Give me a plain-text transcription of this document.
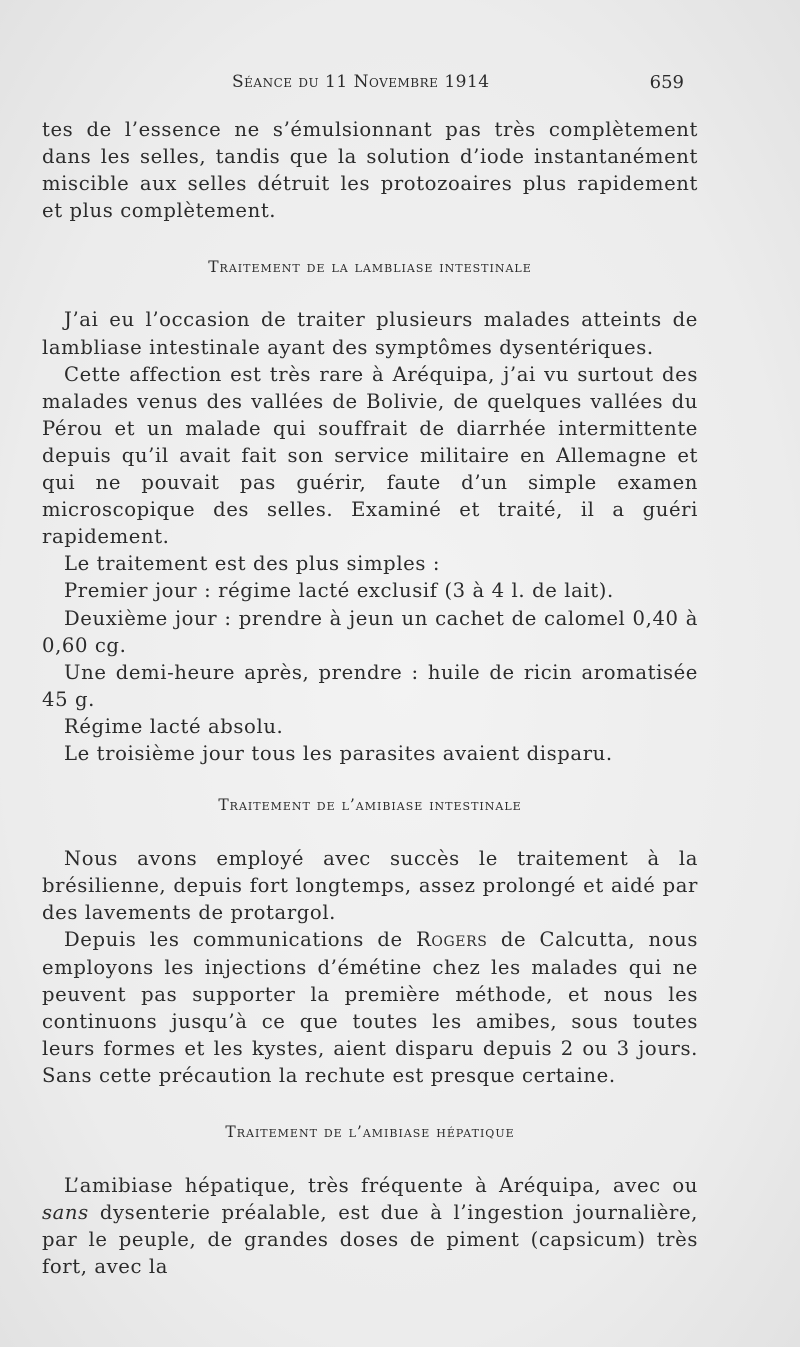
Séance du 11 Novembre 1914	659

tes de l’essence ne s’émulsionnant pas très complètement dans les selles, tandis que la solution d’iode instantanément miscible aux selles détruit les protozoaires plus rapidement et plus complètement.

Traitement de la lambliase intestinale

J’ai eu l’occasion de traiter plusieurs malades atteints de lambliase intestinale ayant des symptômes dysentériques.

Cette affection est très rare à Aréquipa, j’ai vu surtout des malades venus des vallées de Bolivie, de quelques vallées du Pérou et un malade qui souffrait de diarrhée intermittente depuis qu’il avait fait son service militaire en Allemagne et qui ne pouvait pas guérir, faute d’un simple examen microscopique des selles. Examiné et traité, il a guéri rapidement.

Le traitement est des plus simples :

Premier jour : régime lacté exclusif (3 à 4 l. de lait).

Deuxième jour : prendre à jeun un cachet de calomel 0,40 à 0,60 cg.

Une demi-heure après, prendre : huile de ricin aromatisée 45 g.

Régime lacté absolu.

Le troisième jour tous les parasites avaient disparu.

Traitement de l’amibiase intestinale

Nous avons employé avec succès le traitement à la brésilienne, depuis fort longtemps, assez prolongé et aidé par des lavements de protargol.

Depuis les communications de Rogers de Calcutta, nous employons les injections d’émétine chez les malades qui ne peuvent pas supporter la première méthode, et nous les continuons jusqu’à ce que toutes les amibes, sous toutes leurs formes et les kystes, aient disparu depuis 2 ou 3 jours. Sans cette précaution la rechute est presque certaine.

Traitement de l’amibiase hépatique

L’amibiase hépatique, très fréquente à Aréquipa, avec ou sans dysenterie préalable, est due à l’ingestion journalière, par le peuple, de grandes doses de piment (capsicum) très fort, avec la
